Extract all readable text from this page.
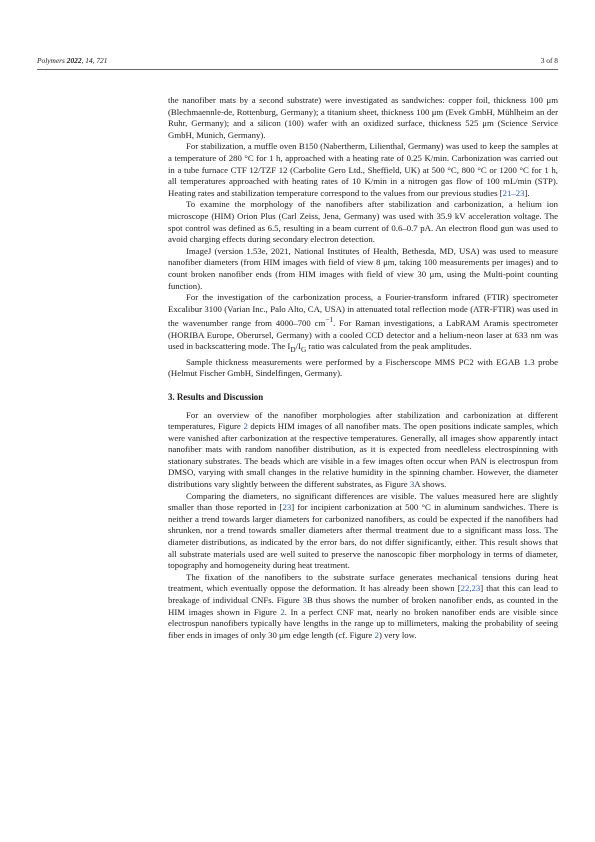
Polymers 2022, 14, 721	3 of 8

the nanofiber mats by a second substrate) were investigated as sandwiches: copper foil, thickness 100 μm (Blechmaennle-de, Rottenburg, Germany); a titanium sheet, thickness 100 μm (Evek GmbH, Mühlheim an der Ruhr, Germany); and a silicon (100) wafer with an oxidized surface, thickness 525 μm (Science Service GmbH, Munich, Germany).

For stabilization, a muffle oven B150 (Nabertherm, Lilienthal, Germany) was used to keep the samples at a temperature of 280 °C for 1 h, approached with a heating rate of 0.25 K/min. Carbonization was carried out in a tube furnace CTF 12/TZF 12 (Carbolite Gero Ltd., Sheffield, UK) at 500 °C, 800 °C or 1200 °C for 1 h, all temperatures approached with heating rates of 10 K/min in a nitrogen gas flow of 100 mL/min (STP). Heating rates and stabilization temperature correspond to the values from our previous studies [21–23].

To examine the morphology of the nanofibers after stabilization and carbonization, a helium ion microscope (HIM) Orion Plus (Carl Zeiss, Jena, Germany) was used with 35.9 kV acceleration voltage. The spot control was defined as 6.5, resulting in a beam current of 0.6–0.7 pA. An electron flood gun was used to avoid charging effects during secondary electron detection.

ImageJ (version 1.53e, 2021, National Institutes of Health, Bethesda, MD, USA) was used to measure nanofiber diameters (from HIM images with field of view 8 μm, taking 100 measurements per images) and to count broken nanofiber ends (from HIM images with field of view 30 μm, using the Multi-point counting function).

For the investigation of the carbonization process, a Fourier-transform infrared (FTIR) spectrometer Excalibur 3100 (Varian Inc., Palo Alto, CA, USA) in attenuated total reflection mode (ATR-FTIR) was used in the wavenumber range from 4000–700 $cm^{-1}$. For Raman investigations, a LabRAM Aramis spectrometer (HORIBA Europe, Oberursel, Germany) with a cooled CCD detector and a helium-neon laser at 633 nm was used in backscattering mode. The $I_D/I_G$ ratio was calculated from the peak amplitudes.

Sample thickness measurements were performed by a Fischerscope MMS PC2 with EGAB 1.3 probe (Helmut Fischer GmbH, Sindelfingen, Germany).

3. Results and Discussion

For an overview of the nanofiber morphologies after stabilization and carbonization at different temperatures, Figure 2 depicts HIM images of all nanofiber mats. The open positions indicate samples, which were vanished after carbonization at the respective temperatures. Generally, all images show apparently intact nanofiber mats with random nanofiber distribution, as it is expected from needleless electrospinning with stationary substrates. The beads which are visible in a few images often occur when PAN is electrospun from DMSO, varying with small changes in the relative humidity in the spinning chamber. However, the diameter distributions vary slightly between the different substrates, as Figure 3A shows.

Comparing the diameters, no significant differences are visible. The values measured here are slightly smaller than those reported in [23] for incipient carbonization at 500 °C in aluminum sandwiches. There is neither a trend towards larger diameters for carbonized nanofibers, as could be expected if the nanofibers had shrunken, nor a trend towards smaller diameters after thermal treatment due to a significant mass loss. The diameter distributions, as indicated by the error bars, do not differ significantly, either. This result shows that all substrate materials used are well suited to preserve the nanoscopic fiber morphology in terms of diameter, topography and homogeneity during heat treatment.

The fixation of the nanofibers to the substrate surface generates mechanical tensions during heat treatment, which eventually oppose the deformation. It has already been shown [22,23] that this can lead to breakage of individual CNFs. Figure 3B thus shows the number of broken nanofiber ends, as counted in the HIM images shown in Figure 2. In a perfect CNF mat, nearly no broken nanofiber ends are visible since electrospun nanofibers typically have lengths in the range up to millimeters, making the probability of seeing fiber ends in images of only 30 μm edge length (cf. Figure 2) very low.
